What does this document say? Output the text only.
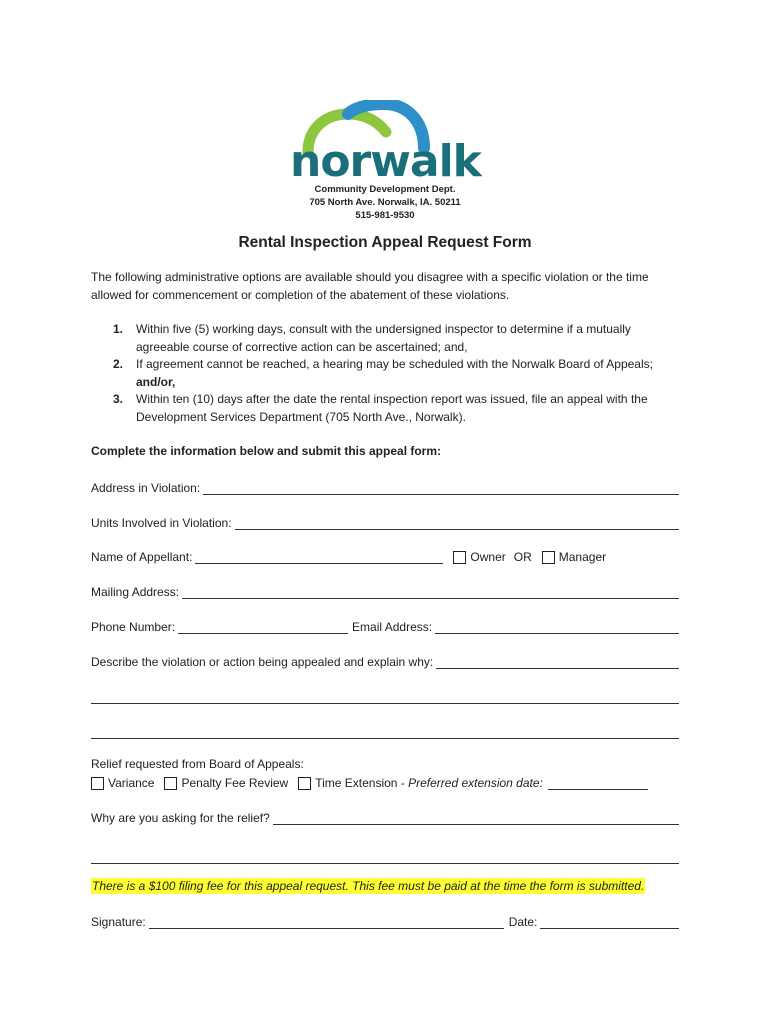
norwalk
Community Development Dept.
705 North Ave. Norwalk, IA. 50211
515-981-9530
Rental Inspection Appeal Request Form
The following administrative options are available should you disagree with a specific violation or the time allowed for commencement or completion of the abatement of these violations.
1. Within five (5) working days, consult with the undersigned inspector to determine if a mutually agreeable course of corrective action can be ascertained; and,
2. If agreement cannot be reached, a hearing may be scheduled with the Norwalk Board of Appeals; and/or,
3. Within ten (10) days after the date the rental inspection report was issued, file an appeal with the Development Services Department (705 North Ave., Norwalk).
Complete the information below and submit this appeal form:
Address in Violation:
Units Involved in Violation:
Name of Appellant:	Owner OR Manager
Mailing Address:
Phone Number:	Email Address:
Describe the violation or action being appealed and explain why:
Relief requested from Board of Appeals:
Variance Penalty Fee Review Time Extension - Preferred extension date:
Why are you asking for the relief?
There is a $100 filing fee for this appeal request. This fee must be paid at the time the form is submitted.
Signature:	Date:
